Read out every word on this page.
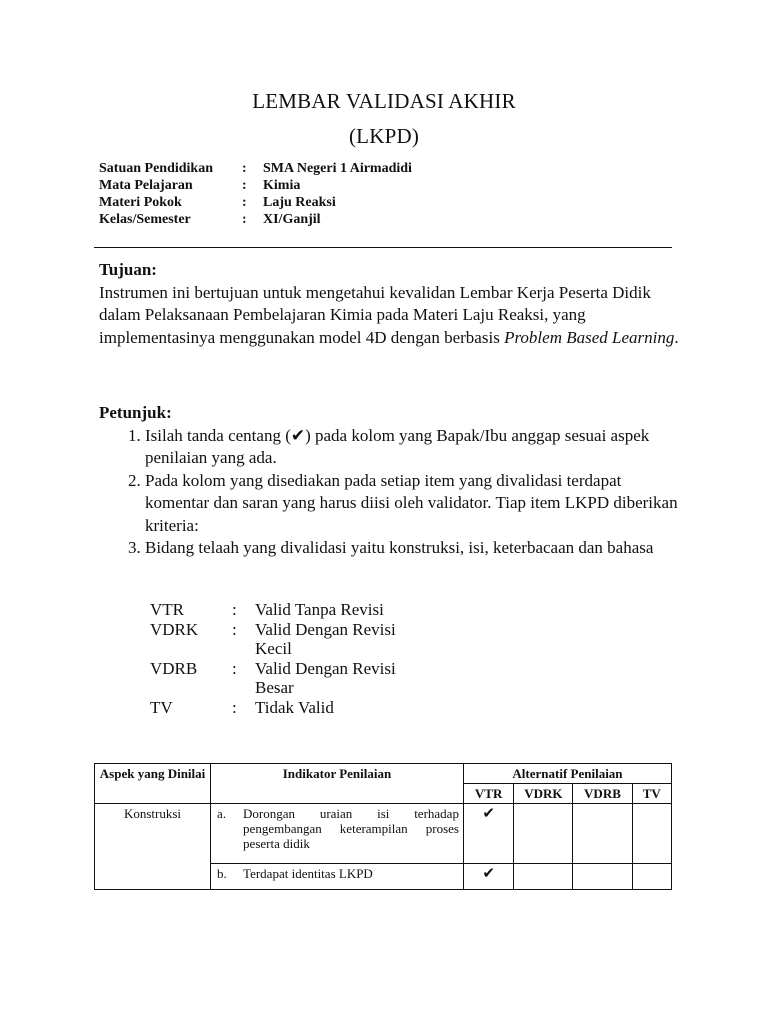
LEMBAR VALIDASI AKHIR
(LKPD)
Satuan Pendidikan	:	SMA Negeri 1 Airmadidi
Mata Pelajaran	:	Kimia
Materi Pokok	:	Laju Reaksi
Kelas/Semester	:	XI/Ganjil
Tujuan:

Instrumen ini bertujuan untuk mengetahui kevalidan Lembar Kerja Peserta Didik dalam Pelaksanaan Pembelajaran Kimia pada Materi Laju Reaksi, yang implementasinya menggunakan model 4D dengan berbasis Problem Based Learning.

Petunjuk:
1. Isilah tanda centang (✔) pada kolom yang Bapak/Ibu anggap sesuai aspek penilaian yang ada.
2. Pada kolom yang disediakan pada setiap item yang divalidasi terdapat komentar dan saran yang harus diisi oleh validator. Tiap item LKPD diberikan kriteria:
3. Bidang telaah yang divalidasi yaitu konstruksi, isi, keterbacaan dan bahasa
VTR	:	Valid Tanpa Revisi
VDRK	:	Valid Dengan Revisi Kecil
VDRB	:	Valid Dengan Revisi Besar
TV	:	Tidak Valid
Aspek yang Dinilai	Indikator Penilaian	Alternatif Penilaian			
		VTR	VDRK	VDRB	TV
Konstruksi	a. Dorongan uraian isi terhadap pengembangan keterampilan proses peserta didik	✔			

	b. Terdapat identitas LKPD	✔			
